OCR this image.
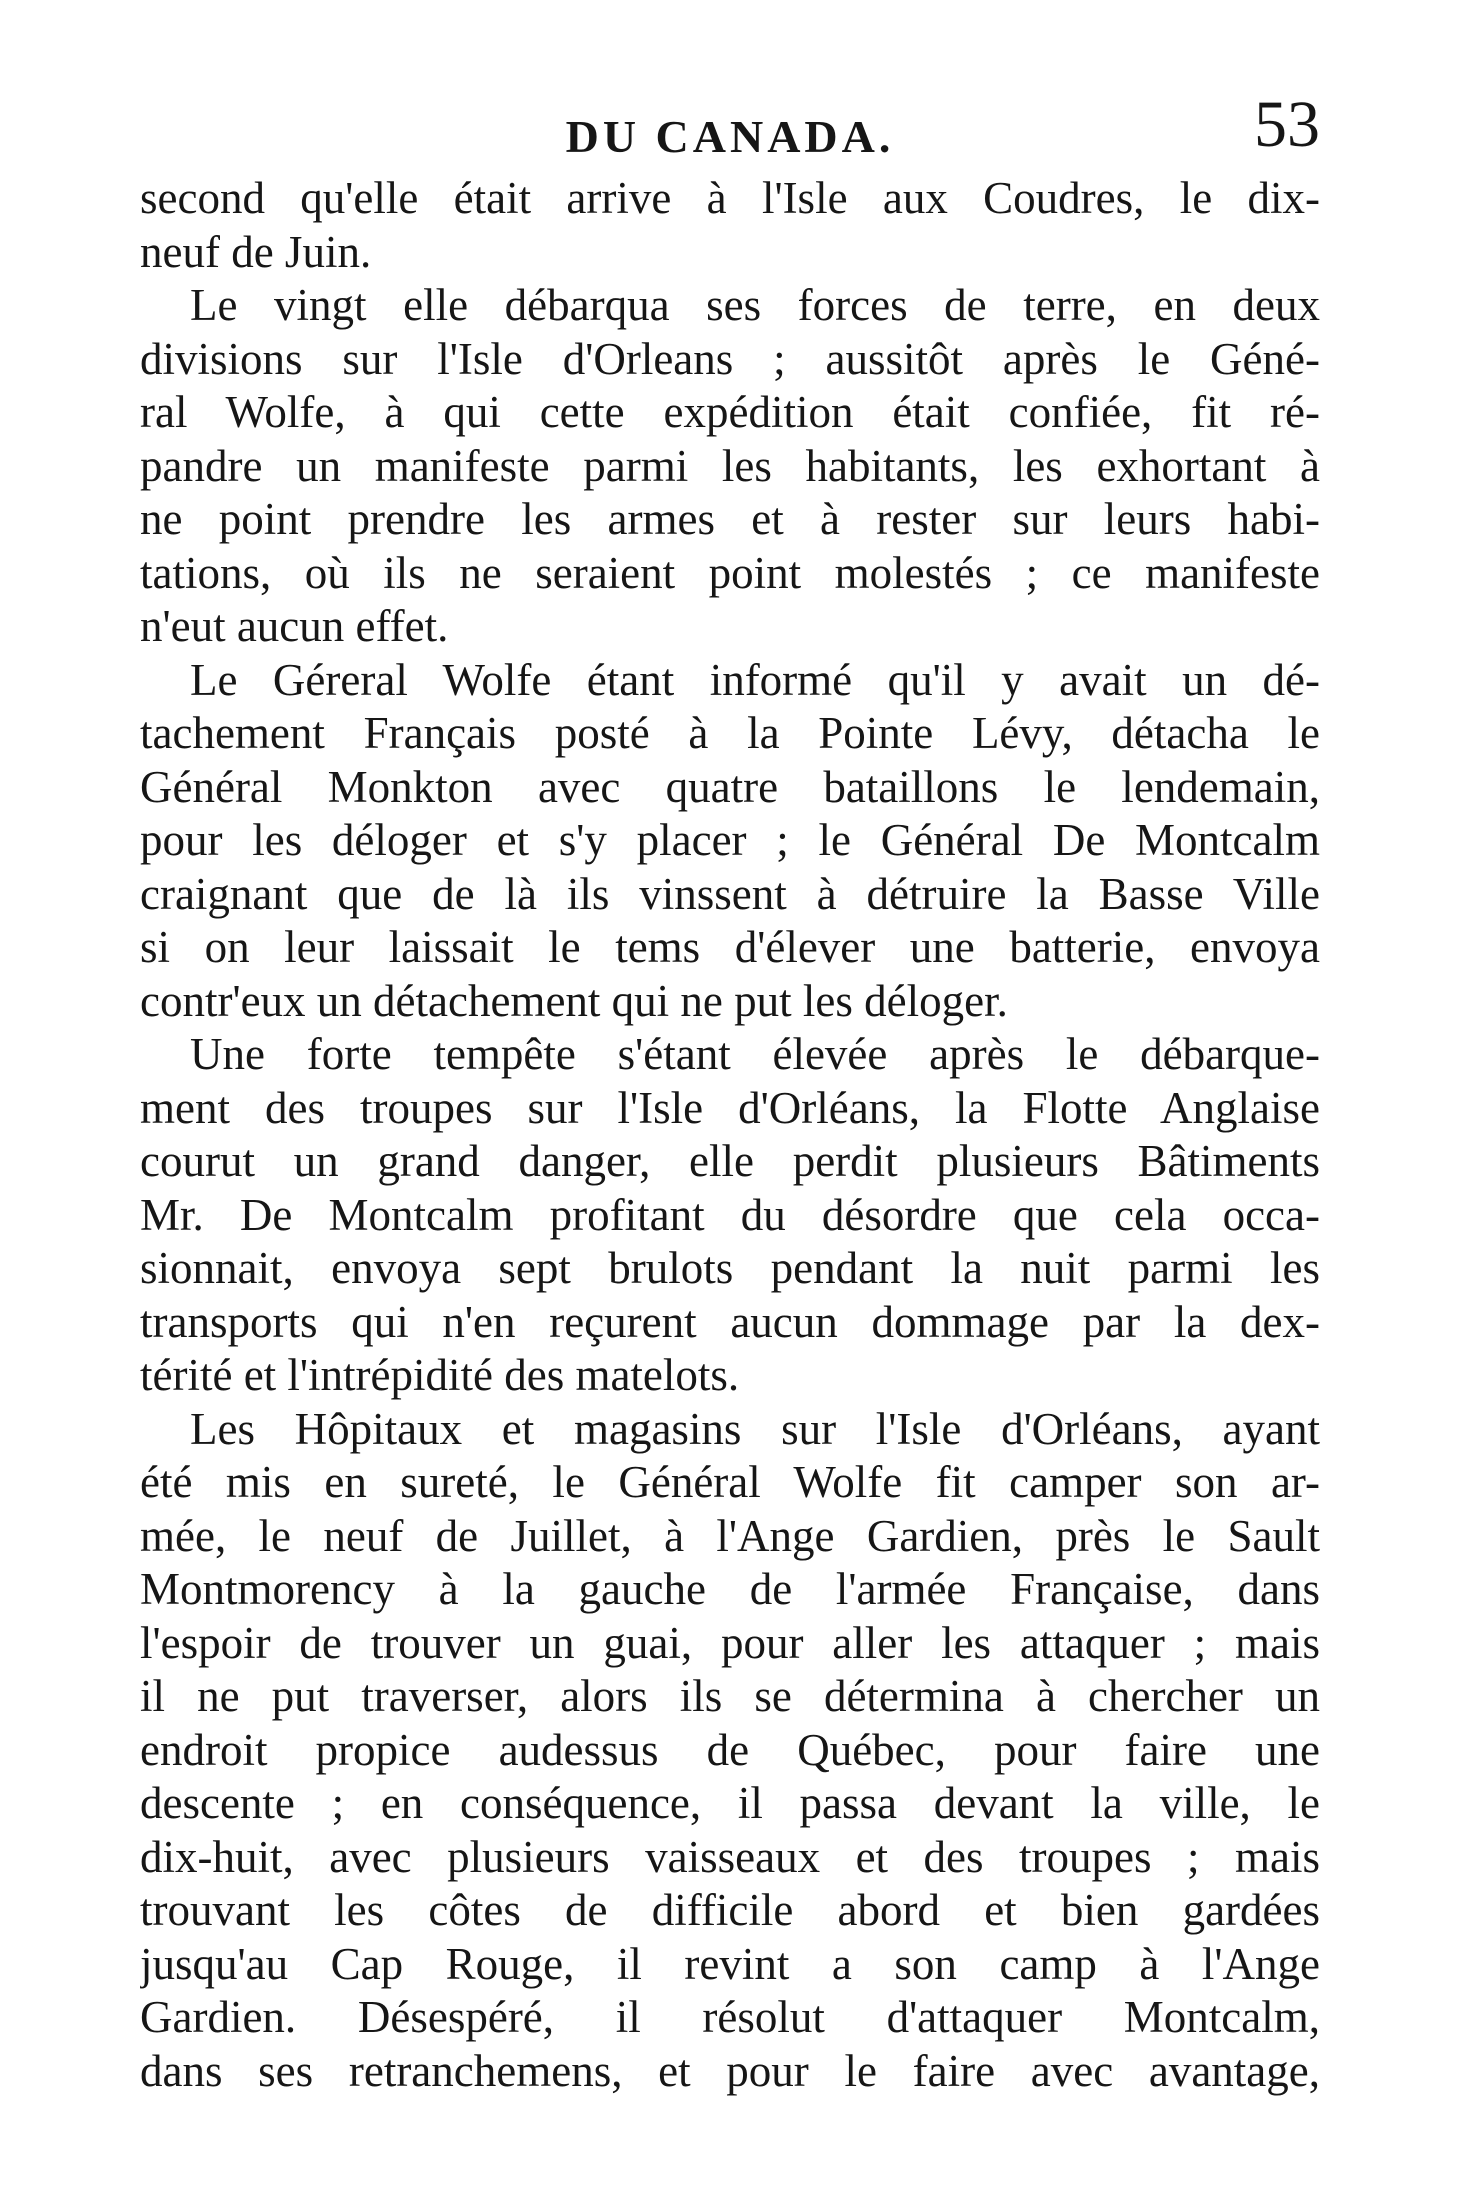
DU CANADA.	53
second qu'elle était arrive à l'Isle aux Coudres, le dix-
neuf de Juin.
Le vingt elle débarqua ses forces de terre, en deux
divisions sur l'Isle d'Orleans ; aussitôt après le Géné-
ral Wolfe, à qui cette expédition était confiée, fit ré-
pandre un manifeste parmi les habitants, les exhortant à
ne point prendre les armes et à rester sur leurs habi-
tations, où ils ne seraient point molestés ; ce manifeste
n'eut aucun effet.
Le Géreral Wolfe étant informé qu'il y avait un dé-
tachement Français posté à la Pointe Lévy, détacha le
Général Monkton avec quatre bataillons le lendemain,
pour les déloger et s'y placer ; le Général De Montcalm
craignant que de là ils vinssent à détruire la Basse Ville
si on leur laissait le tems d'élever une batterie, envoya
contr'eux un détachement qui ne put les déloger.
Une forte tempête s'étant élevée après le débarque-
ment des troupes sur l'Isle d'Orléans, la Flotte Anglaise
courut un grand danger, elle perdit plusieurs Bâtiments
Mr. De Montcalm profitant du désordre que cela occa-
sionnait, envoya sept brulots pendant la nuit parmi les
transports qui n'en reçurent aucun dommage par la dex-
térité et l'intrépidité des matelots.
Les Hôpitaux et magasins sur l'Isle d'Orléans, ayant
été mis en sureté, le Général Wolfe fit camper son ar-
mée, le neuf de Juillet, à l'Ange Gardien, près le Sault
Montmorency à la gauche de l'armée Française, dans
l'espoir de trouver un guai, pour aller les attaquer ; mais
il ne put traverser, alors ils se détermina à chercher un
endroit propice audessus de Québec, pour faire une
descente ; en conséquence, il passa devant la ville, le
dix-huit, avec plusieurs vaisseaux et des troupes ; mais
trouvant les côtes de difficile abord et bien gardées
jusqu'au Cap Rouge, il revint a son camp à l'Ange
Gardien. Désespéré, il résolut d'attaquer Montcalm,
dans ses retranchemens, et pour le faire avec avantage,
